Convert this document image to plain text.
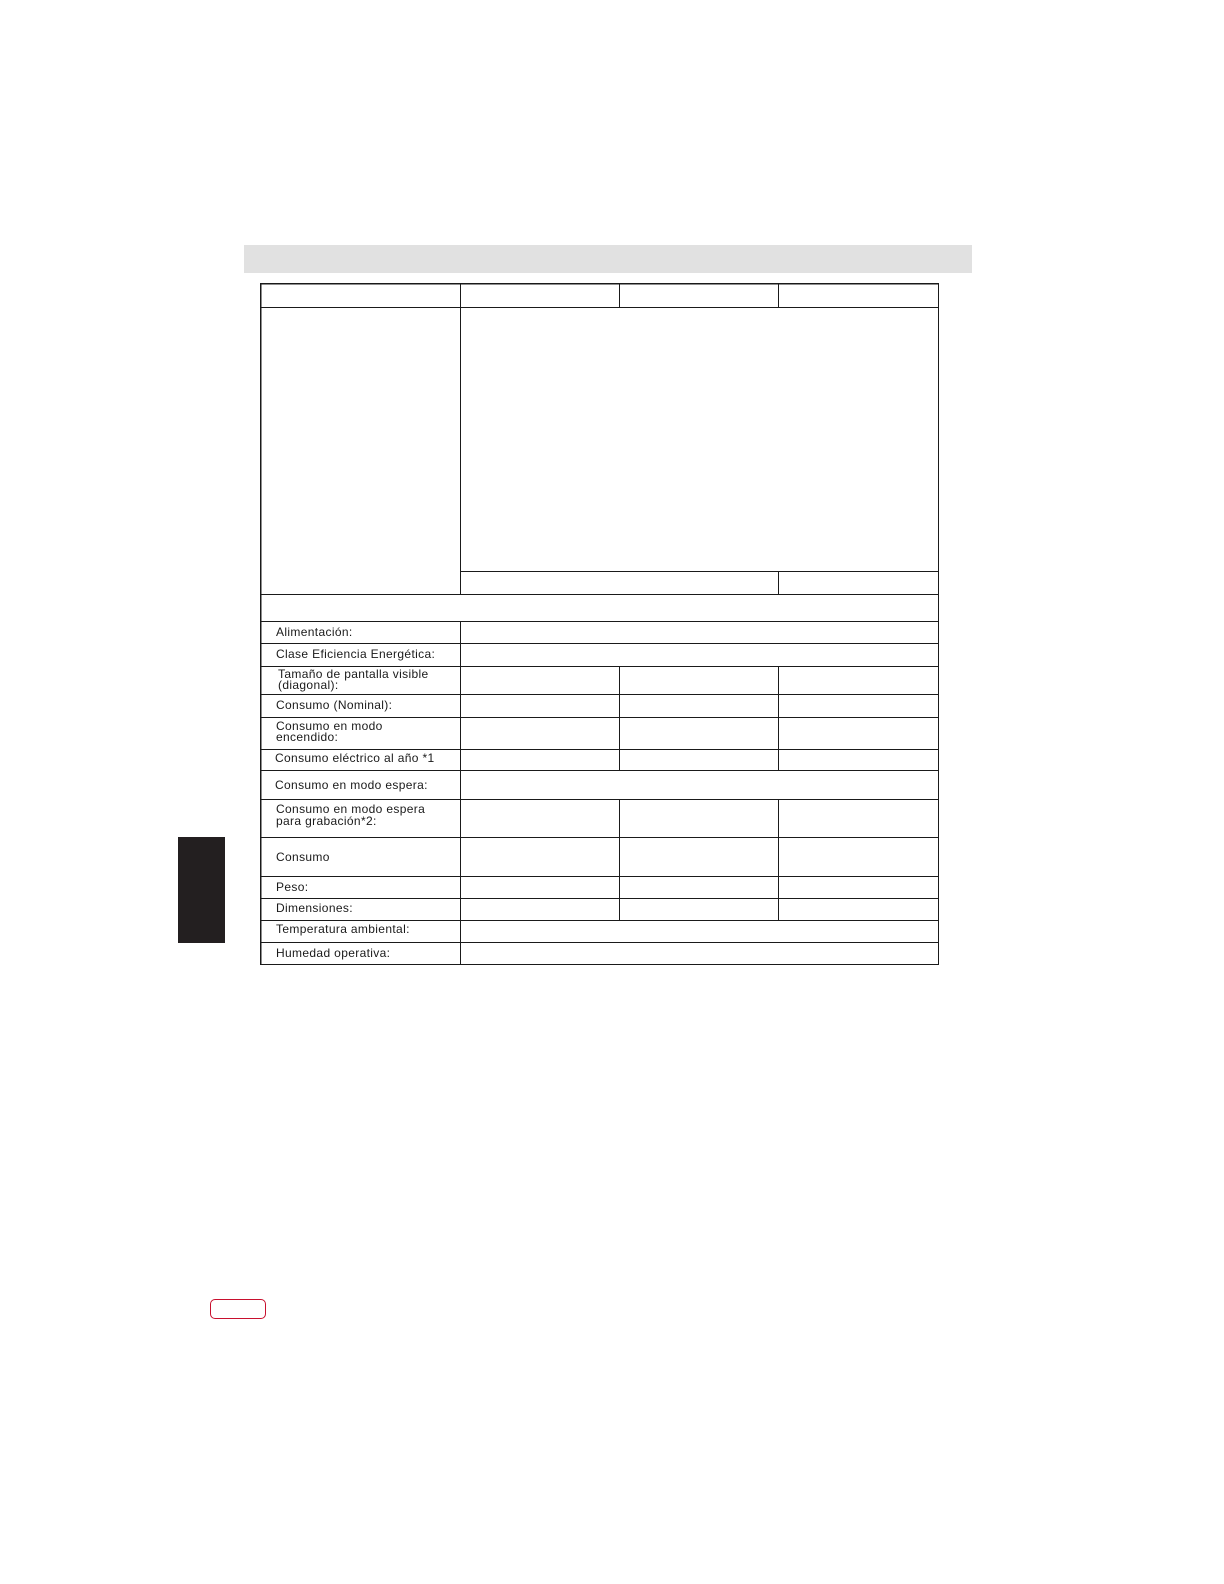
Alimentación:
Clase Eficiencia Energética:
Tamaño de pantalla visible
(diagonal):
Consumo (Nominal):
Consumo en modo
encendido:
Consumo eléctrico al año *1
Consumo en modo espera:
Consumo en modo espera
para grabación*2:
Consumo
Peso:
Dimensiones:
Temperatura ambiental:
Humedad operativa:
